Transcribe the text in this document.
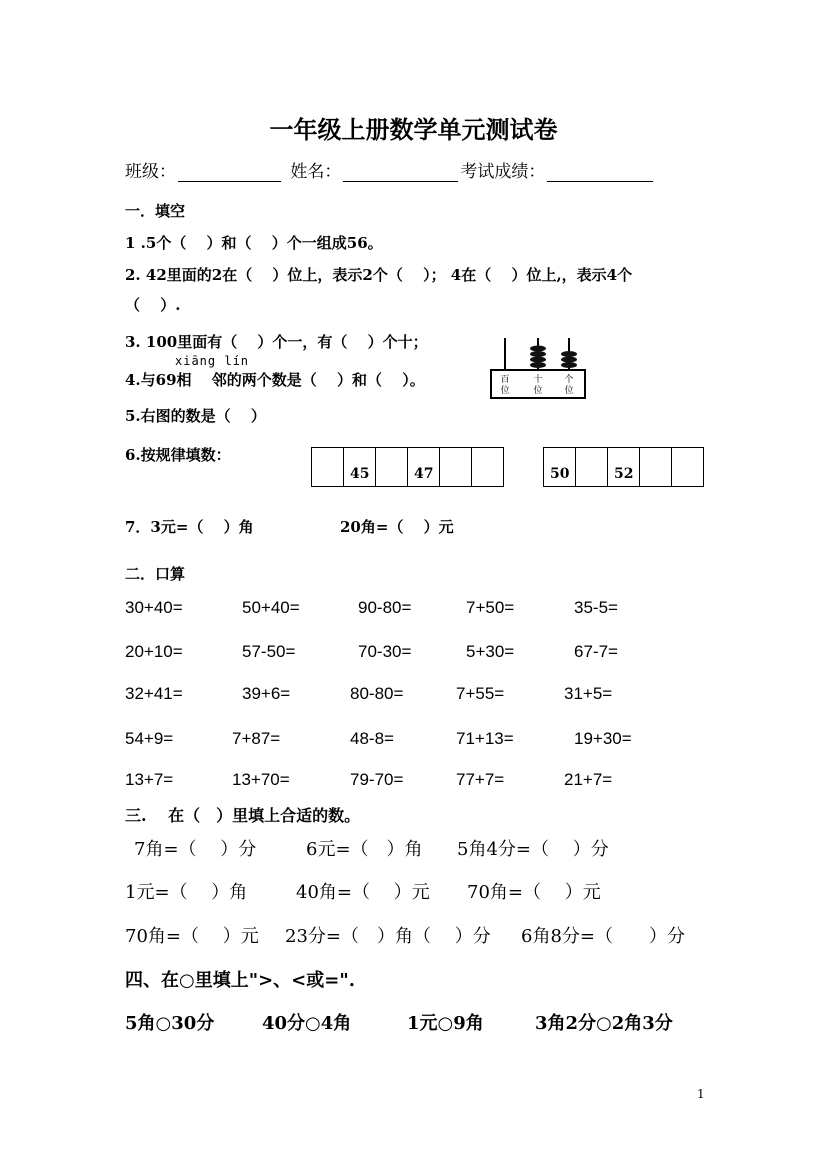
一年级上册数学单元测试卷
班级：	姓名：	考试成绩：
一．填空
1 .5个（　 ）和（　 ）个一组成56。
2. 42里面的2在（　 ）位上，表示2个（　 ）； 4在（　 ）位上,，表示4个
（　 ）.
3. 100里面有（　 ）个一，有（　 ）个十；
xiāng lín
4.与69相　 邻的两个数是（　 ）和（　 ）。
5.右图的数是（　 ）
6.按规律填数：
百
位
十
位
个
位
45	47	50	52
7．3元=（　 ）角	20角=（　 ）元
二．口算
30+40=	50+40=	90-80=	7+50=	35-5=
20+10=	57-50=	70-30=	5+30=	67-7=
32+41=	39+6=	80-80=	7+55=	31+5=
54+9=	7+87=	48-8=	71+13=	19+30=
13+7=	13+70=	79-70=	77+7=	21+7=
三.　 在（　）里填上合适的数。
7角=（　 ）分	6元=（　）角 5角4分=（　 ）分
1元=（　 ）角	40角=（　 ）元 70角=（　 ）元
70角=（　 ）元 23分=（　）角（　 ）分 6角8分=（　　）分
四、在○里填上">、<或=".
5角○30分	40分○4角	1元○9角	3角2分○2角3分
1
